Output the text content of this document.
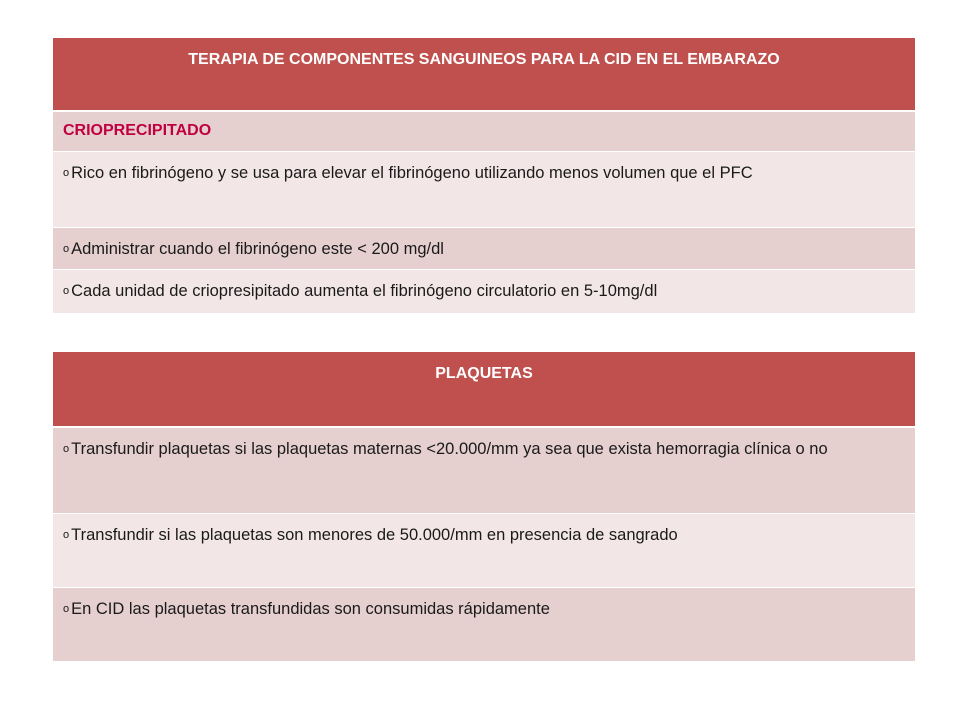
TERAPIA DE COMPONENTES SANGUINEOS PARA LA CID EN EL EMBARAZO
CRIOPRECIPITADO
o Rico en fibrinógeno y se usa para elevar el fibrinógeno utilizando menos volumen que el PFC
o Administrar cuando el fibrinógeno este < 200 mg/dl
o Cada unidad de criopresipitado aumenta el fibrinógeno circulatorio en 5-10mg/dl
PLAQUETAS
o Transfundir plaquetas si las plaquetas maternas <20.000/mm ya sea que exista hemorragia clínica o no
o Transfundir si las plaquetas son menores de 50.000/mm en presencia de sangrado
o En CID las plaquetas transfundidas son consumidas rápidamente
